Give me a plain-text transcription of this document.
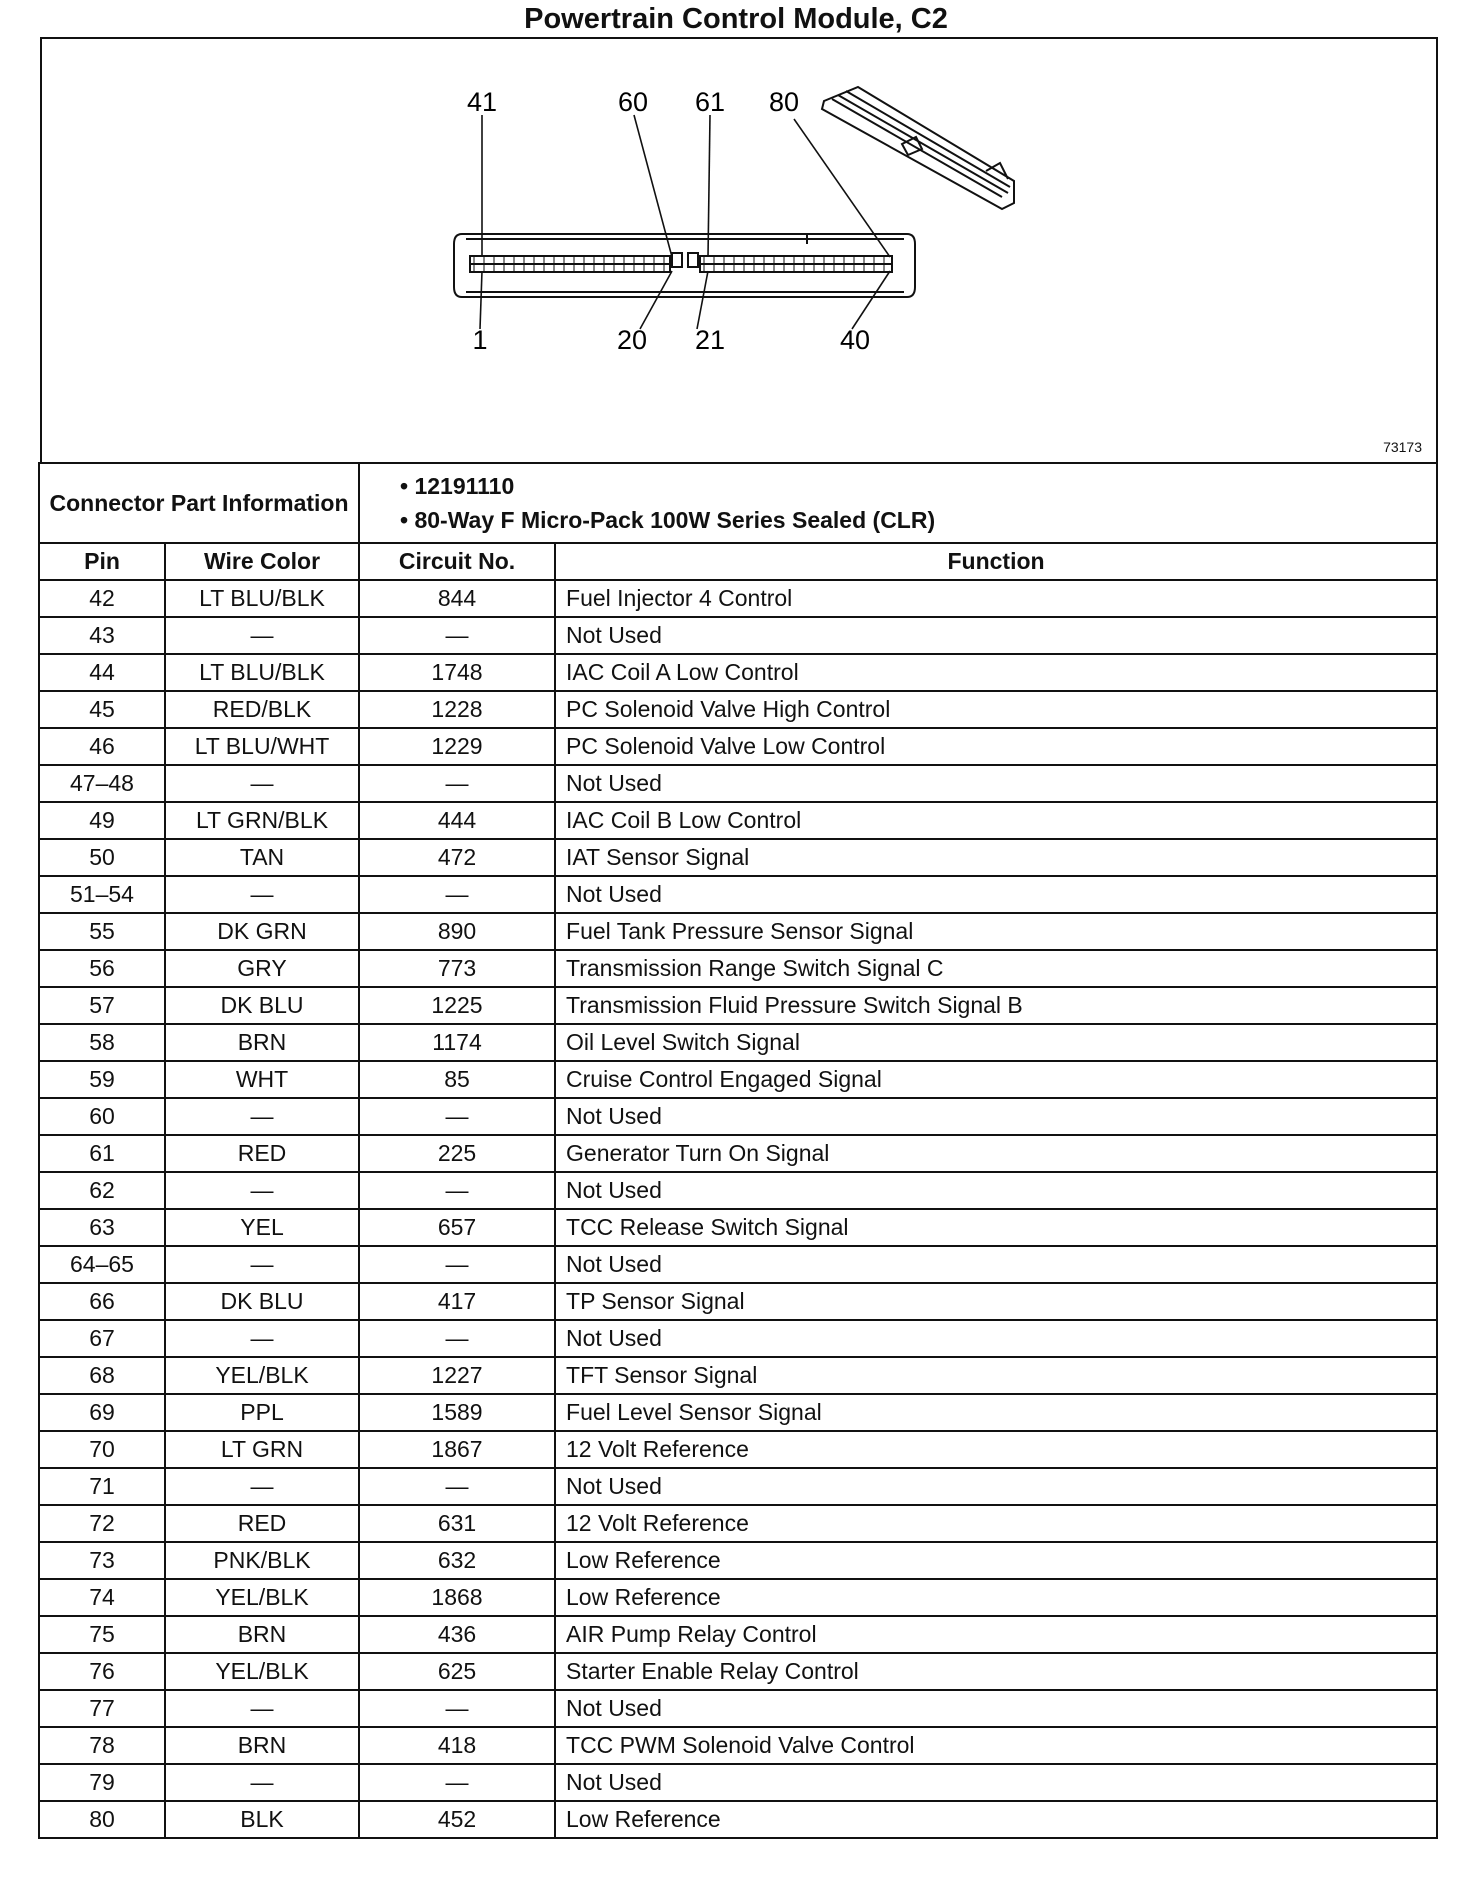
Powertrain Control Module, C2
41	60 61 80
1	20 21	40
73173
Connector Part Information		• 12191110
• 80-Way F Micro-Pack 100W Series Sealed (CLR)	

Pin	Wire Color	Circuit No.	Function
42	LT BLU/BLK	844	Fuel Injector 4 Control
43	—	—	Not Used
44	LT BLU/BLK	1748	IAC Coil A Low Control
45	RED/BLK	1228	PC Solenoid Valve High Control
46	LT BLU/WHT	1229	PC Solenoid Valve Low Control
47–48	—	—	Not Used
49	LT GRN/BLK	444	IAC Coil B Low Control
50	TAN	472	IAT Sensor Signal
51–54	—	—	Not Used
55	DK GRN	890	Fuel Tank Pressure Sensor Signal
56	GRY	773	Transmission Range Switch Signal C
57	DK BLU	1225	Transmission Fluid Pressure Switch Signal B
58	BRN	1174	Oil Level Switch Signal
59	WHT	85	Cruise Control Engaged Signal
60	—	—	Not Used
61	RED	225	Generator Turn On Signal
62	—	—	Not Used
63	YEL	657	TCC Release Switch Signal
64–65	—	—	Not Used
66	DK BLU	417	TP Sensor Signal
67	—	—	Not Used
68	YEL/BLK	1227	TFT Sensor Signal
69	PPL	1589	Fuel Level Sensor Signal
70	LT GRN	1867	12 Volt Reference
71	—	—	Not Used
72	RED	631	12 Volt Reference
73	PNK/BLK	632	Low Reference
74	YEL/BLK	1868	Low Reference
75	BRN	436	AIR Pump Relay Control
76	YEL/BLK	625	Starter Enable Relay Control
77	—	—	Not Used
78	BRN	418	TCC PWM Solenoid Valve Control
79	—	—	Not Used
80	BLK	452	Low Reference
